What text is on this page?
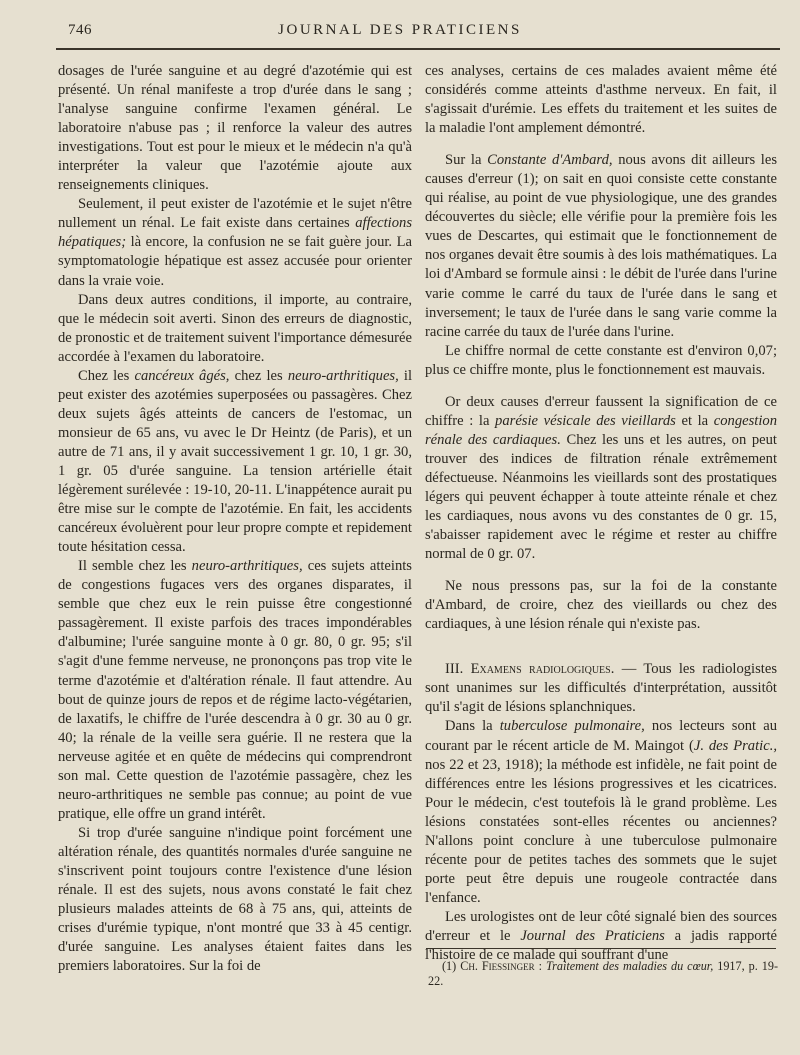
746	JOURNAL DES PRATICIENS

dosages de l'urée sanguine et au degré d'azotémie qui est présenté. Un rénal manifeste a trop d'urée dans le sang ; l'analyse sanguine confirme l'examen général. Le laboratoire n'abuse pas ; il renforce la valeur des autres investigations. Tout est pour le mieux et le médecin n'a qu'à interpréter la valeur que l'azotémie ajoute aux renseignements cliniques.

Seulement, il peut exister de l'azotémie et le sujet n'être nullement un rénal. Le fait existe dans certaines affections hépatiques; là encore, la confusion ne se fait guère jour. La symptomatologie hépatique est assez accusée pour orienter dans la vraie voie.

Dans deux autres conditions, il importe, au contraire, que le médecin soit averti. Sinon des erreurs de diagnostic, de pronostic et de traitement suivent l'importance démesurée accordée à l'examen du laboratoire.

Chez les cancéreux âgés, chez les neuro-arthritiques, il peut exister des azotémies superposées ou passagères. Chez deux sujets âgés atteints de cancers de l'estomac, un monsieur de 65 ans, vu avec le Dr Heintz (de Paris), et un autre de 71 ans, il y avait successivement 1 gr. 10, 1 gr. 30, 1 gr. 05 d'urée sanguine. La tension artérielle était légèrement surélevée : 19-10, 20-11. L'inappétence aurait pu être mise sur le compte de l'azotémie. En fait, les accidents cancéreux évoluèrent pour leur propre compte et repidement toute hésitation cessa.

Il semble chez les neuro-arthritiques, ces sujets atteints de congestions fugaces vers des organes disparates, il semble que chez eux le rein puisse être congestionné passagèrement. Il existe parfois des traces impondérables d'albumine; l'urée sanguine monte à 0 gr. 80, 0 gr. 95; s'il s'agit d'une femme nerveuse, ne prononçons pas trop vite le terme d'azotémie et d'altération rénale. Il faut attendre. Au bout de quinze jours de repos et de régime lacto-végétarien, de laxatifs, le chiffre de l'urée descendra à 0 gr. 30 au 0 gr. 40; la rénale de la veille sera guérie. Il ne restera que la nerveuse agitée et en quête de médecins qui comprendront son mal. Cette question de l'azotémie passagère, chez les neuro-arthritiques ne semble pas connue; au point de vue pratique, elle offre un grand intérêt.

Si trop d'urée sanguine n'indique point forcément une altération rénale, des quantités normales d'urée sanguine ne s'inscrivent point toujours contre l'existence d'une lésion rénale. Il est des sujets, nous avons constaté le fait chez plusieurs malades atteints de 68 à 75 ans, qui, atteints de crises d'urémie typique, n'ont montré que 33 à 45 centigr. d'urée sanguine. Les analyses étaient faites dans les premiers laboratoires. Sur la foi de

ces analyses, certains de ces malades avaient même été considérés comme atteints d'asthme nerveux. En fait, il s'agissait d'urémie. Les effets du traitement et les suites de la maladie l'ont amplement démontré.

Sur la Constante d'Ambard, nous avons dit ailleurs les causes d'erreur (1); on sait en quoi consiste cette constante qui réalise, au point de vue physiologique, une des grandes découvertes du siècle; elle vérifie pour la première fois les vues de Descartes, qui estimait que le fonctionnement de nos organes devait être soumis à des lois mathématiques. La loi d'Ambard se formule ainsi : le débit de l'urée dans l'urine varie comme le carré du taux de l'urée dans le sang et inversement; le taux de l'urée dans le sang varie comme la racine carrée du taux de l'urée dans l'urine.

Le chiffre normal de cette constante est d'environ 0,07; plus ce chiffre monte, plus le fonctionnement est mauvais.

Or deux causes d'erreur faussent la signification de ce chiffre : la parésie vésicale des vieillards et la congestion rénale des cardiaques. Chez les uns et les autres, on peut trouver des indices de filtration rénale extrêmement défectueuse. Néanmoins les vieillards sont des prostatiques légers qui peuvent échapper à toute atteinte rénale et chez les cardiaques, nous avons vu des constantes de 0 gr. 15, s'abaisser rapidement avec le régime et rester au chiffre normal de 0 gr. 07.

Ne nous pressons pas, sur la foi de la constante d'Ambard, de croire, chez des vieillards ou chez des cardiaques, à une lésion rénale qui n'existe pas.

III. Examens radiologiques. — Tous les radiologistes sont unanimes sur les difficultés d'interprétation, aussitôt qu'il s'agit de lésions splanchniques.

Dans la tuberculose pulmonaire, nos lecteurs sont au courant par le récent article de M. Maingot (J. des Pratic., nos 22 et 23, 1918); la méthode est infidèle, ne fait point de différences entre les lésions progressives et les cicatrices. Pour le médecin, c'est toutefois là le grand problème. Les lésions constatées sont-elles récentes ou anciennes? N'allons point conclure à une tuberculose pulmonaire récente pour de petites taches des sommets que le sujet porte peut être depuis une rougeole contractée dans l'enfance.

Les urologistes ont de leur côté signalé bien des sources d'erreur et le Journal des Praticiens a jadis rapporté l'histoire de ce malade qui souffrant d'une

(1) Ch. Fiessinger : Traitement des maladies du cœur, 1917, p. 19-22.
